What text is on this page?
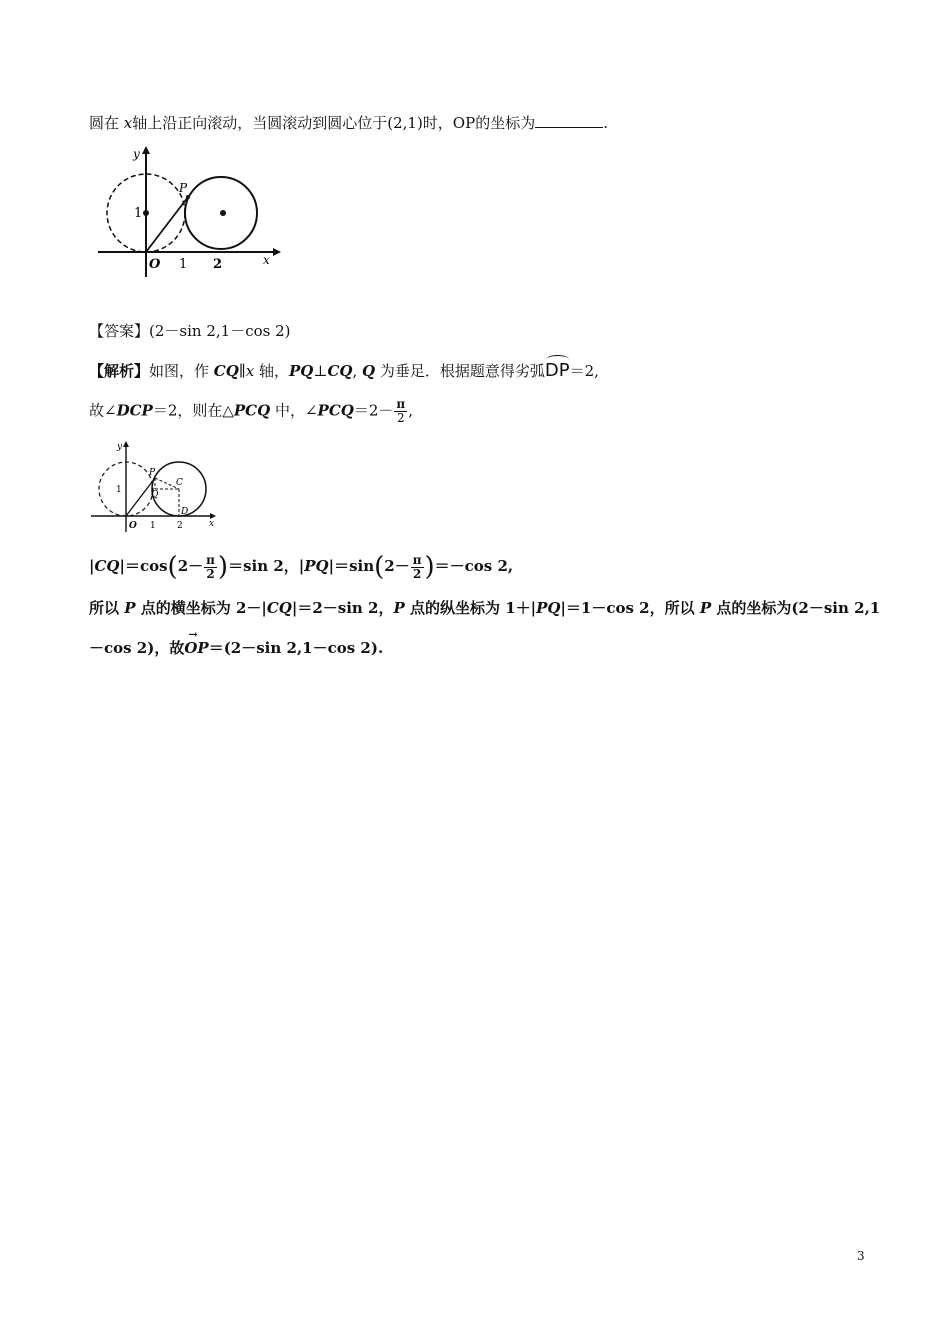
圆在 x轴上沿正向滚动，当圆滚动到圆心位于(2,1)时，OP的坐标为	.
y
1
P
O 1 2	x
【答案】(2－sin 2,1－cos 2)
【解析】如图，作 CQ∥x 轴，PQ⊥CQ, Q 为垂足．根据题意得劣弧DP＝2,
故∠DCP＝2，则在△PCQ 中，∠PCQ＝2－ $\frac{\pi}{2}$ ,
y
1
P
Q
C
D
O 1 2	x
$|CQ|=\cos(2- \frac{\pi}{2} )=\sin$ 2，$|PQ|=\sin(2- \frac{\pi}{2} )=-\cos$ 2,
所以 P 点的横坐标为 2－|CQ|＝2－sin 2，P 点的纵坐标为 1＋|PQ|＝1－cos 2，所以 P 点的坐标为(2－sin 2,1
－cos 2)，故OP →＝(2－sin 2,1－cos 2).
3
